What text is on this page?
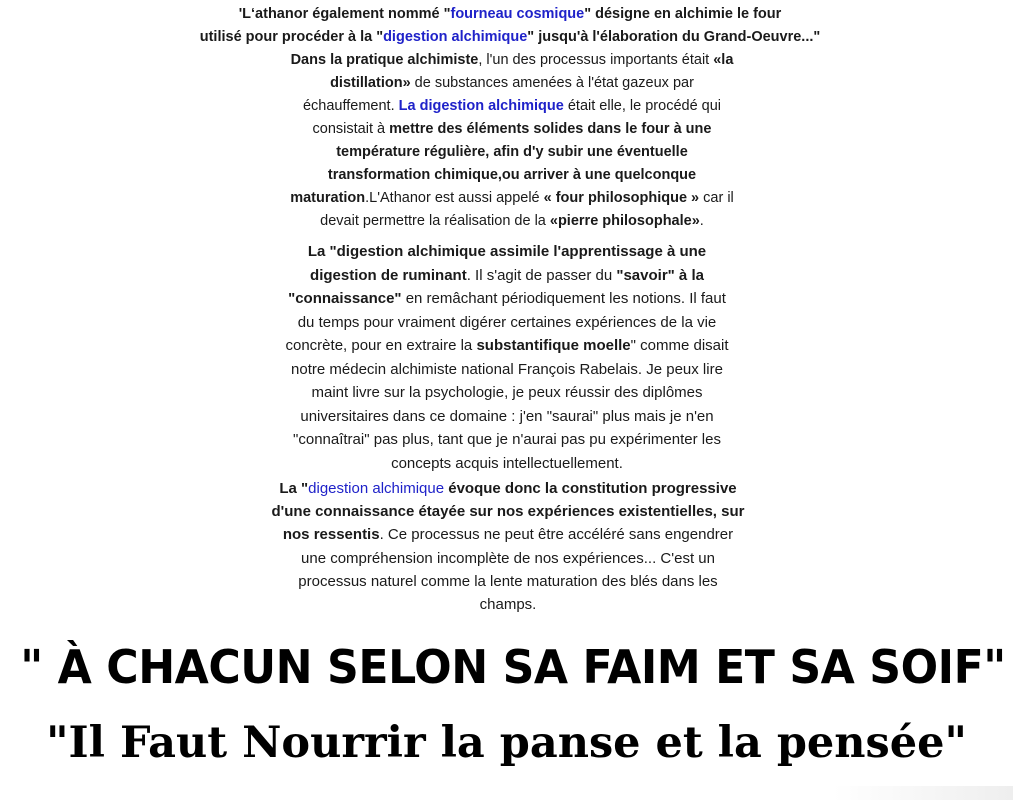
'L‘athanor également nommé "fourneau cosmique" désigne en alchimie le four
utilisé pour procéder à la "digestion alchimique" jusqu'à l'élaboration du Grand-Oeuvre..."
Dans la pratique alchimiste, l'un des processus importants était «la
distillation» de substances amenées à l'état gazeux par
échauffement. La digestion alchimique était elle, le procédé qui
consistait à mettre des éléments solides dans le four à une
température régulière, afin d'y subir une éventuelle
transformation chimique,ou arriver à une quelconque
maturation.L'Athanor est aussi appelé « four philosophique » car il
devait permettre la réalisation de la «pierre philosophale».
La "digestion alchimique assimile l'apprentissage à une
digestion de ruminant. Il s'agit de passer du "savoir" à la
"connaissance" en remâchant périodiquement les notions. Il faut
du temps pour vraiment digérer certaines expériences de la vie
concrète, pour en extraire la substantifique moelle" comme disait
notre médecin alchimiste national François Rabelais. Je peux lire
maint livre sur la psychologie, je peux réussir des diplômes
universitaires dans ce domaine : j'en "saurai" plus mais je n'en
"connaîtrai" pas plus, tant que je n'aurai pas pu expérimenter les
concepts acquis intellectuellement.
La "digestion alchimique évoque donc la constitution progressive
d'une connaissance étayée sur nos expériences existentielles, sur
nos ressentis. Ce processus ne peut être accéléré sans engendrer
une compréhension incomplète de nos expériences... C'est un
processus naturel comme la lente maturation des blés dans les
champs.
" À CHACUN SELON SA FAIM ET SA SOIF"
"Il Faut Nourrir la panse et la pensée"
